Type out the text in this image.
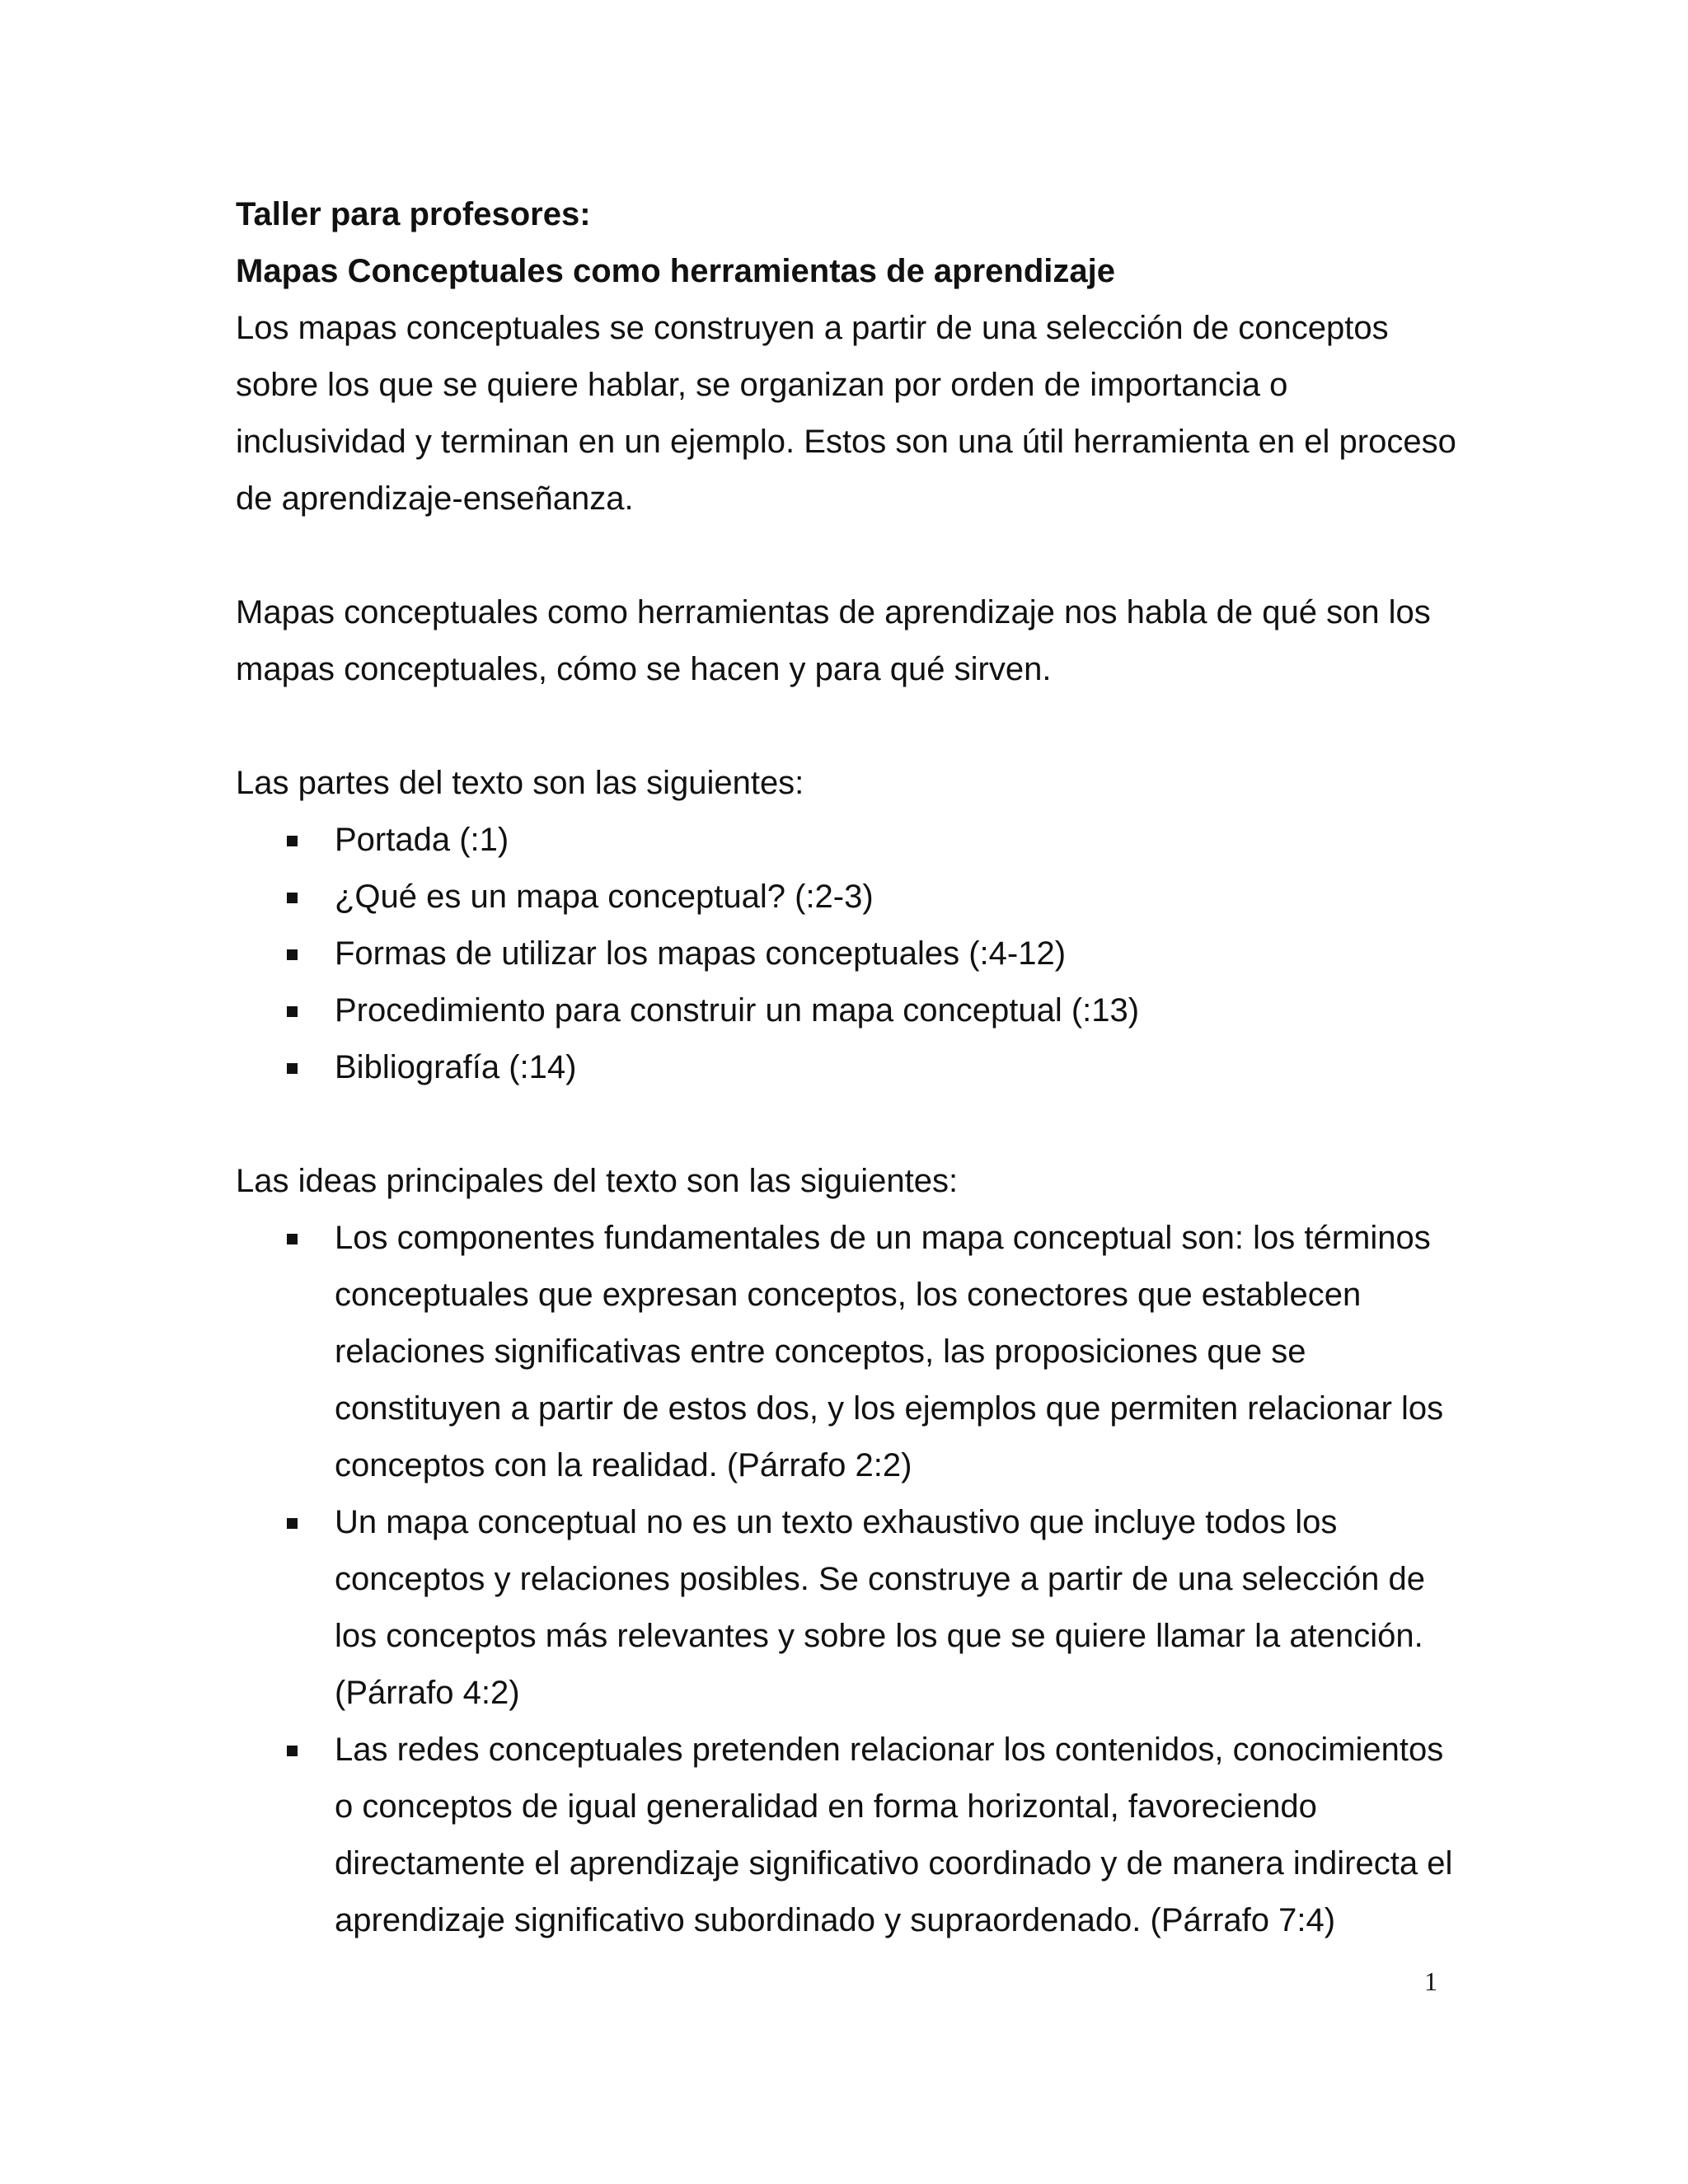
Taller para profesores:

Mapas Conceptuales como herramientas de aprendizaje

Los mapas conceptuales se construyen a partir de una selección de conceptos sobre los que se quiere hablar, se organizan por orden de importancia o inclusividad y terminan en un ejemplo. Estos son una útil herramienta en el proceso de aprendizaje-enseñanza.

Mapas conceptuales como herramientas de aprendizaje nos habla de qué son los mapas conceptuales, cómo se hacen y para qué sirven.

Las partes del texto son las siguientes:

Portada (:1)
¿Qué es un mapa conceptual? (:2-3)
Formas de utilizar los mapas conceptuales (:4-12)
Procedimiento para construir un mapa conceptual (:13)
Bibliografía (:14)

Las ideas principales del texto son las siguientes:

Los componentes fundamentales de un mapa conceptual son: los términos conceptuales que expresan conceptos, los conectores que establecen relaciones significativas entre conceptos, las proposiciones que se constituyen a partir de estos dos, y los ejemplos que permiten relacionar los conceptos con la realidad. (Párrafo 2:2)
Un mapa conceptual no es un texto exhaustivo que incluye todos los conceptos y relaciones posibles. Se construye a partir de una selección de los conceptos más relevantes y sobre los que se quiere llamar la atención. (Párrafo 4:2)
Las redes conceptuales pretenden relacionar los contenidos, conocimientos o conceptos de igual generalidad en forma horizontal, favoreciendo directamente el aprendizaje significativo coordinado y de manera indirecta el aprendizaje significativo subordinado y supraordenado. (Párrafo 7:4)
1
